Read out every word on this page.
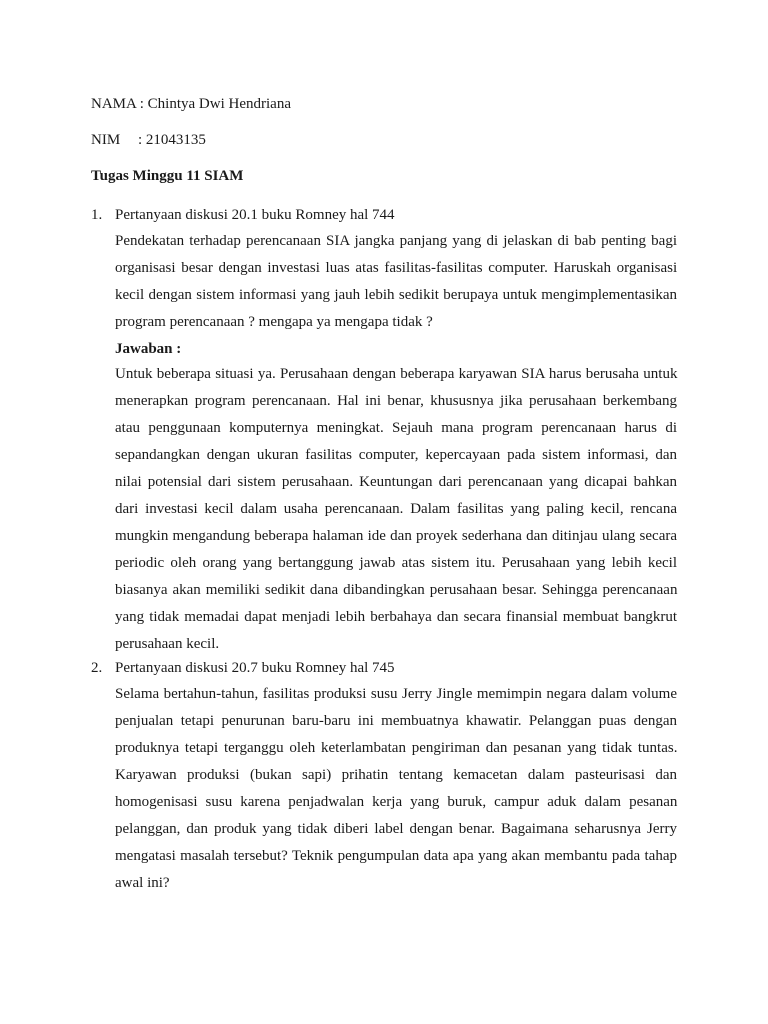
NAMA : Chintya Dwi Hendriana
NIM : 21043135
Tugas Minggu 11 SIAM
1. Pertanyaan diskusi 20.1 buku Romney hal 744
Pendekatan terhadap perencanaan SIA jangka panjang yang di jelaskan di bab penting bagi
organisasi besar dengan investasi luas atas fasilitas-fasilitas computer. Haruskah organisasi
kecil dengan sistem informasi yang jauh lebih sedikit berupaya untuk mengimplementasikan
program perencanaan ? mengapa ya mengapa tidak ?
Jawaban :
Untuk beberapa situasi ya. Perusahaan dengan beberapa karyawan SIA harus berusaha untuk
menerapkan program perencanaan. Hal ini benar, khususnya jika perusahaan berkembang
atau penggunaan komputernya meningkat. Sejauh mana program perencanaan harus di
sepandangkan dengan ukuran fasilitas computer, kepercayaan pada sistem informasi, dan
nilai potensial dari sistem perusahaan. Keuntungan dari perencanaan yang dicapai bahkan
dari investasi kecil dalam usaha perencanaan. Dalam fasilitas yang paling kecil, rencana
mungkin mengandung beberapa halaman ide dan proyek sederhana dan ditinjau ulang secara
periodic oleh orang yang bertanggung jawab atas sistem itu. Perusahaan yang lebih kecil
biasanya akan memiliki sedikit dana dibandingkan perusahaan besar. Sehingga perencanaan
yang tidak memadai dapat menjadi lebih berbahaya dan secara finansial membuat bangkrut
perusahaan kecil.
2. Pertanyaan diskusi 20.7 buku Romney hal 745
Selama bertahun-tahun, fasilitas produksi susu Jerry Jingle memimpin negara dalam volume
penjualan tetapi penurunan baru-baru ini membuatnya khawatir. Pelanggan puas dengan
produknya tetapi terganggu oleh keterlambatan pengiriman dan pesanan yang tidak tuntas.
Karyawan produksi (bukan sapi) prihatin tentang kemacetan dalam pasteurisasi dan
homogenisasi susu karena penjadwalan kerja yang buruk, campur aduk dalam pesanan
pelanggan, dan produk yang tidak diberi label dengan benar. Bagaimana seharusnya Jerry
mengatasi masalah tersebut? Teknik pengumpulan data apa yang akan membantu pada tahap
awal ini?
